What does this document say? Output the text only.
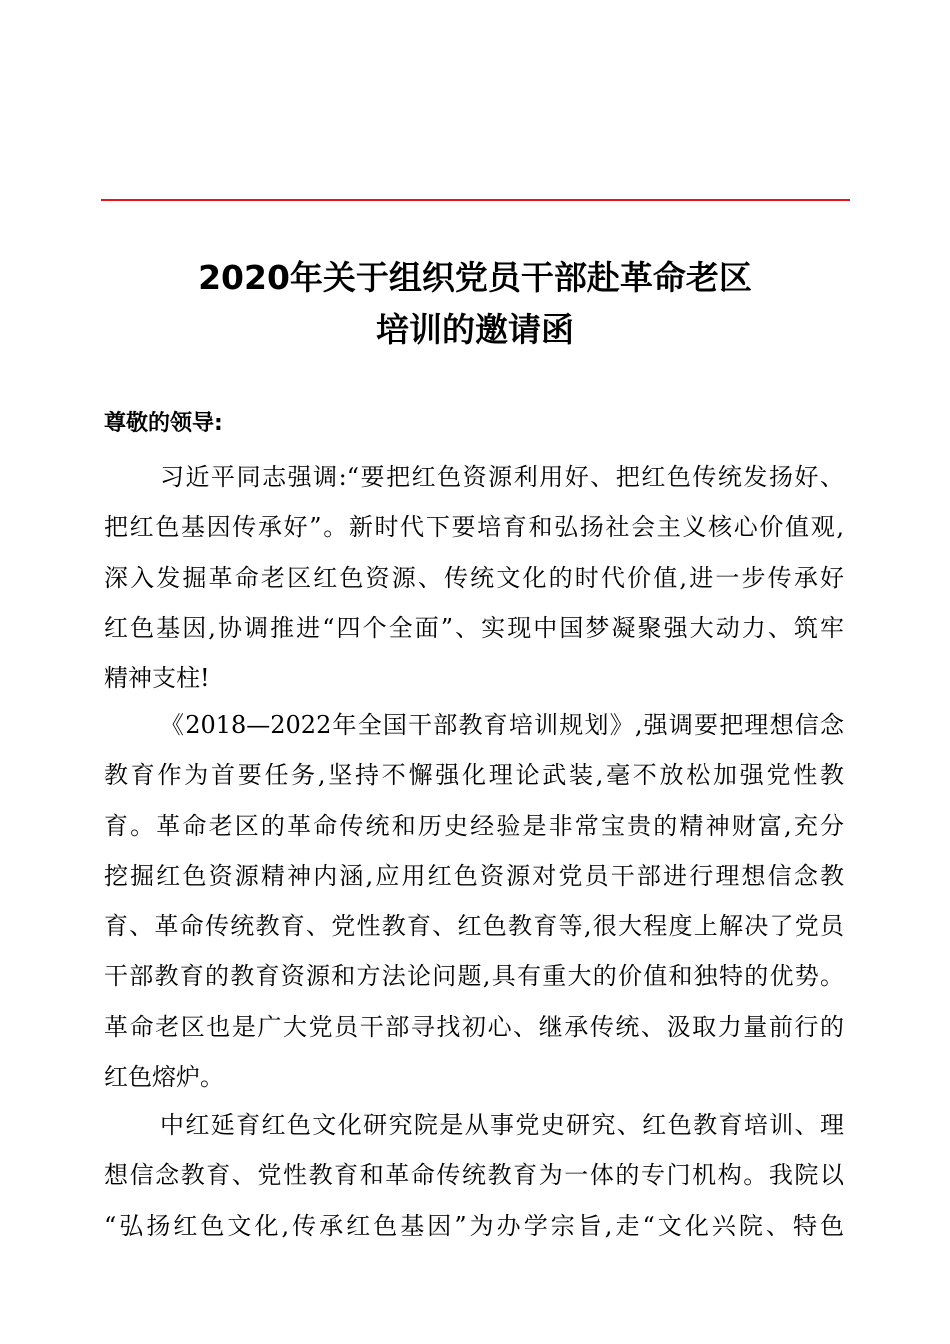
2020年关于组织党员干部赴革命老区
培训的邀请函
尊敬的领导:
习近平同志强调:“要把红色资源利用好、把红色传统发扬好、
把红色基因传承好”。新时代下要培育和弘扬社会主义核心价值观,
深入发掘革命老区红色资源、传统文化的时代价值,进一步传承好
红色基因,协调推进“四个全面”、实现中国梦凝聚强大动力、筑牢
精神支柱!
《2018—2022年全国干部教育培训规划》,强调要把理想信念
教育作为首要任务,坚持不懈强化理论武装,毫不放松加强党性教
育。革命老区的革命传统和历史经验是非常宝贵的精神财富,充分
挖掘红色资源精神内涵,应用红色资源对党员干部进行理想信念教
育、革命传统教育、党性教育、红色教育等,很大程度上解决了党员
干部教育的教育资源和方法论问题,具有重大的价值和独特的优势。
革命老区也是广大党员干部寻找初心、继承传统、汲取力量前行的
红色熔炉。
中红延育红色文化研究院是从事党史研究、红色教育培训、理
想信念教育、党性教育和革命传统教育为一体的专门机构。我院以
“弘扬红色文化,传承红色基因”为办学宗旨,走“文化兴院、特色
